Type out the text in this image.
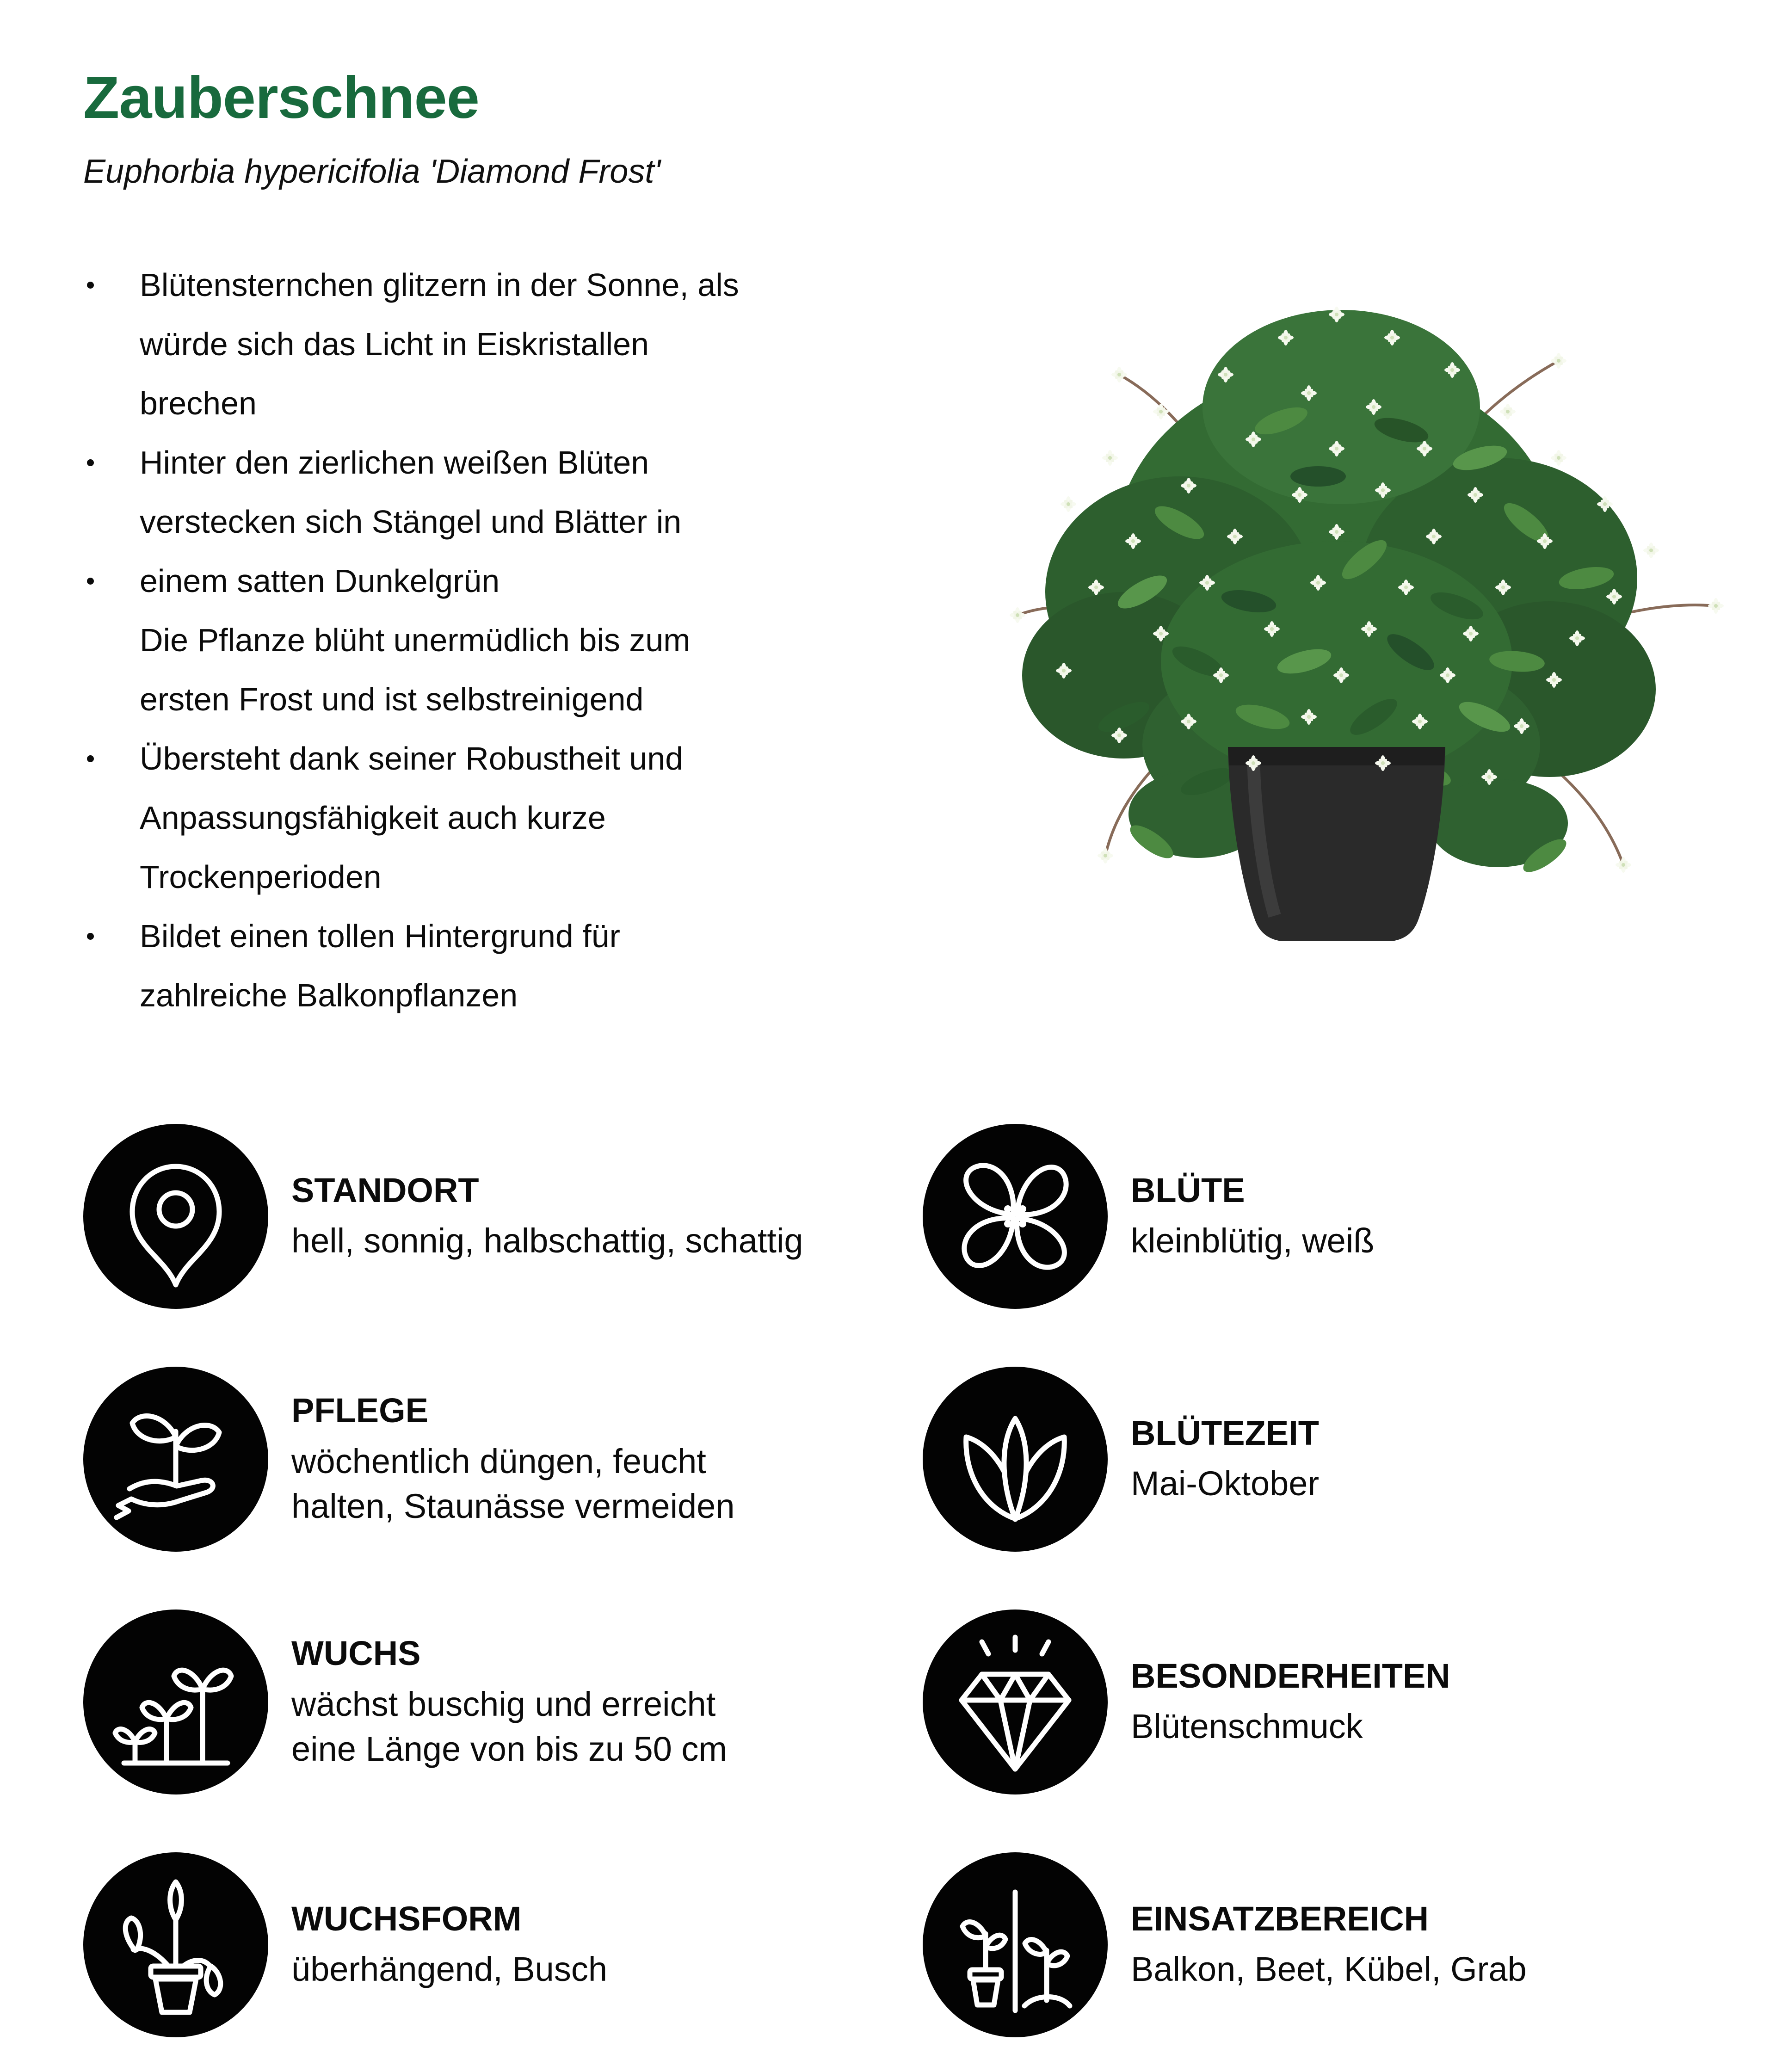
Zauberschnee

Euphorbia hypericifolia 'Diamond Frost'

Blütensternchen glitzern in der Sonne, als würde sich das Licht in Eiskristallen brechen
Hinter den zierlichen weißen Blüten verstecken sich Stängel und Blätter in
einem satten Dunkelgrün
Die Pflanze blüht unermüdlich bis zum ersten Frost und ist selbstreinigend
Übersteht dank seiner Robustheit und Anpassungsfähigkeit auch kurze Trockenperioden
Bildet einen tollen Hintergrund für zahlreiche Balkonpflanzen
STANDORT

hell, sonnig, halbschattig, schattig

BLÜTE

kleinblütig, weiß

PFLEGE

wöchentlich düngen, feucht halten, Staunässe vermeiden

BLÜTEZEIT

Mai-Oktober

WUCHS

wächst buschig und erreicht eine Länge von bis zu 50 cm

BESONDERHEITEN

Blütenschmuck

WUCHSFORM

überhängend, Busch

EINSATZBEREICH

Balkon, Beet, Kübel, Grab
